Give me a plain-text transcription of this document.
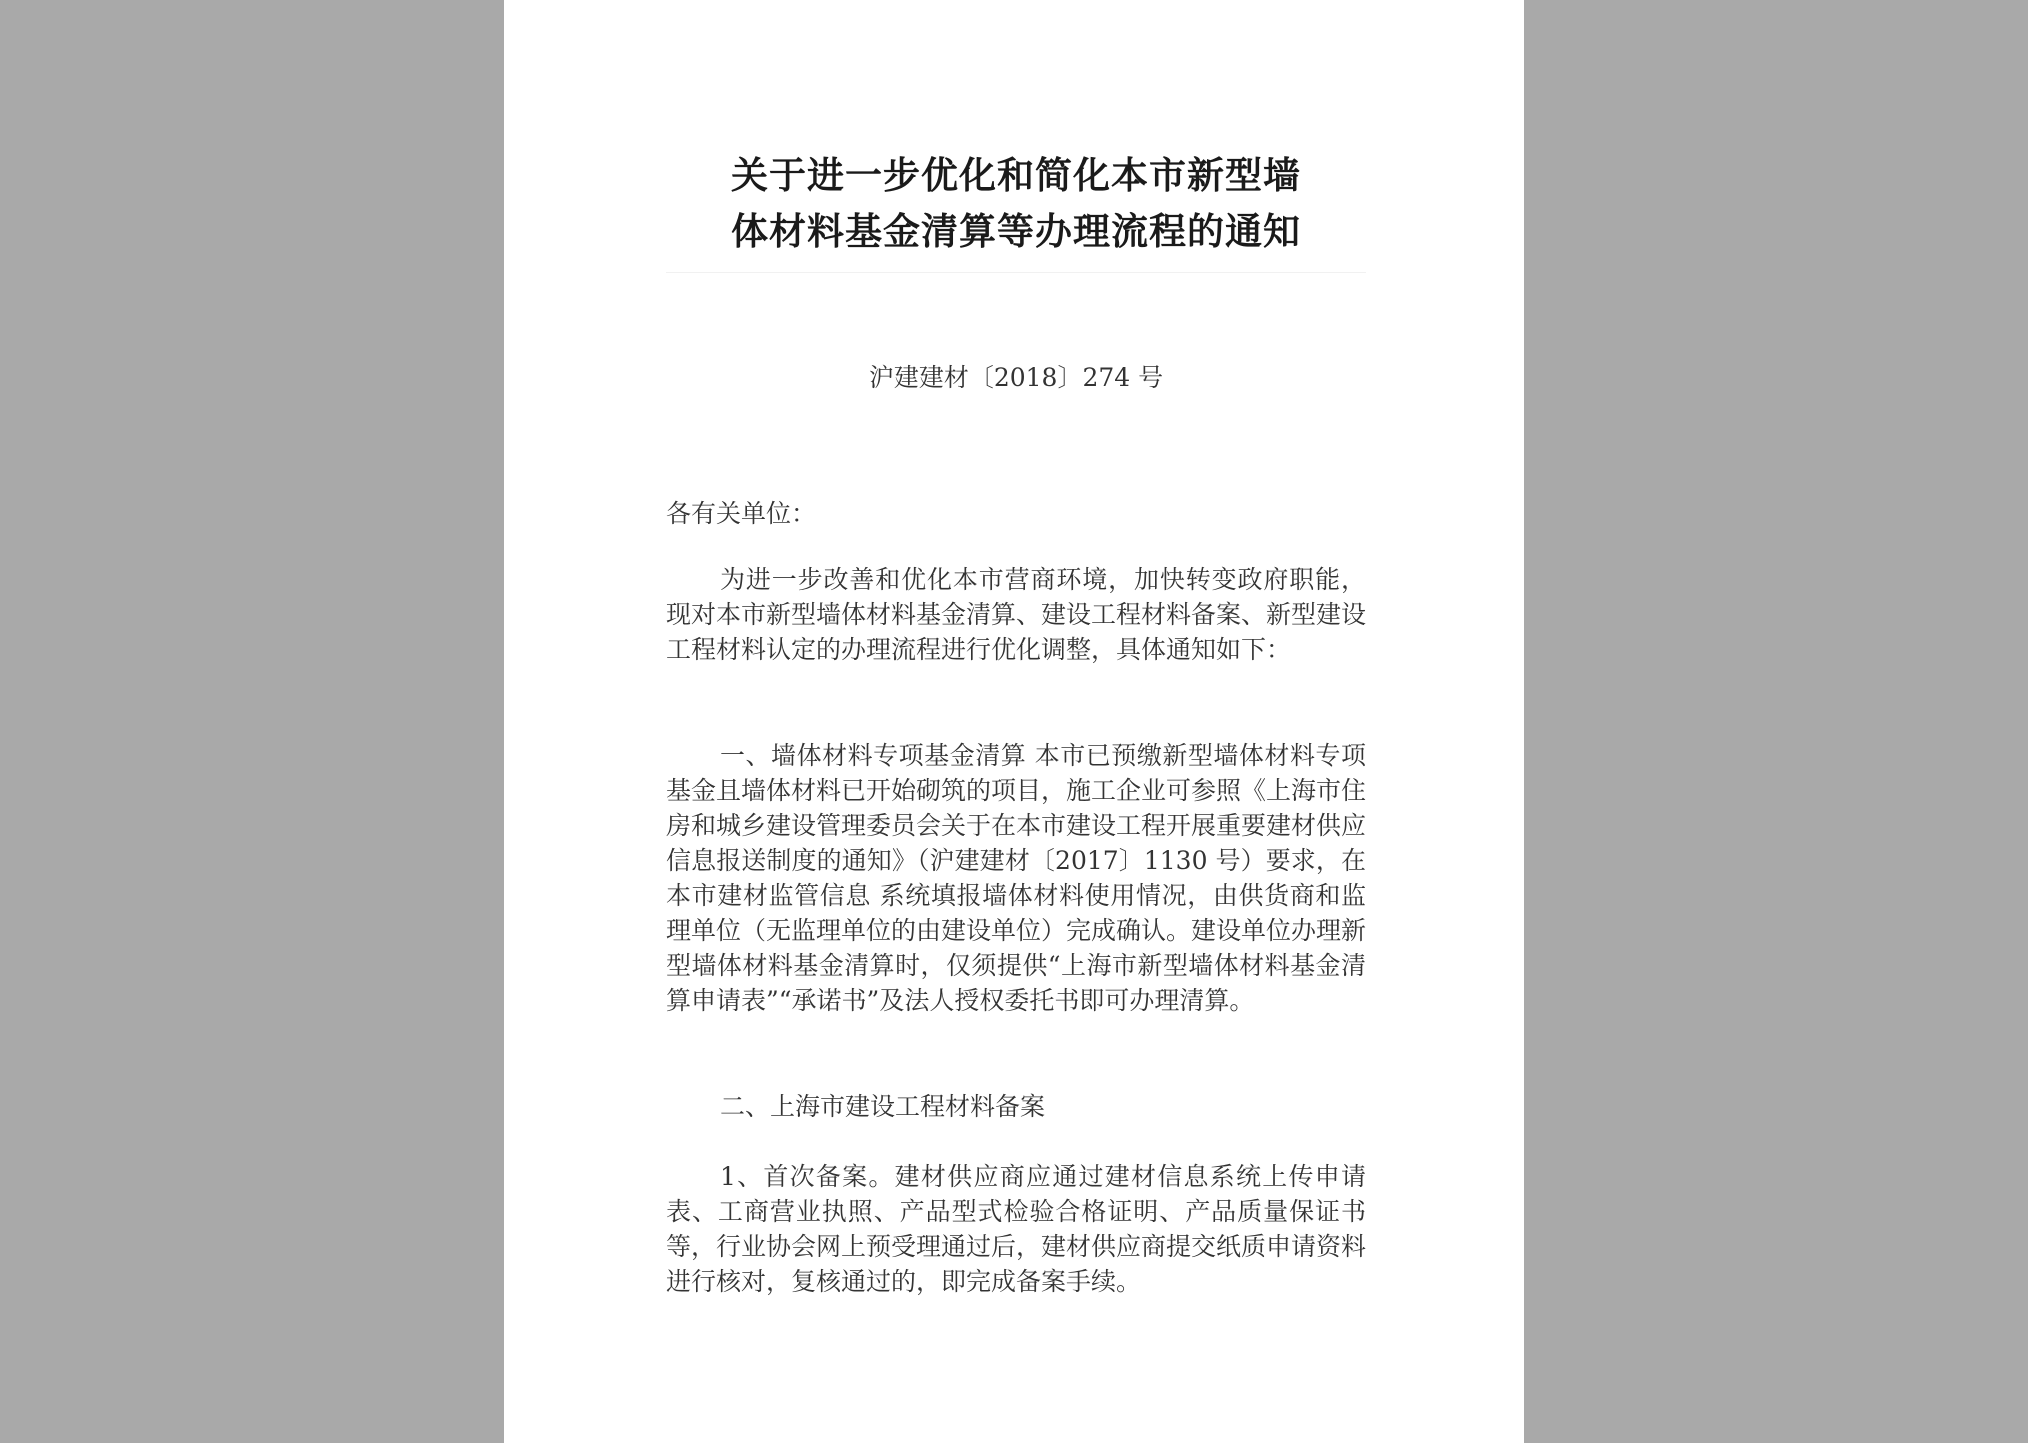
关于进一步优化和简化本市新型墙
体材料基金清算等办理流程的通知
沪建建材〔2018〕274 号
各有关单位：

为进一步改善和优化本市营商环境，加快转变政府职能， 现对本市新型墙体材料基金清算、建设工程材料备案、新型建设工程材料认定的办理流程进行优化调整，具体通知如下：

一、墙体材料专项基金清算 本市已预缴新型墙体材料专项基金且墙体材料已开始砌筑的项目，施工企业可参照《上海市住房和城乡建设管理委员会关于在本市建设工程开展重要建材供应信息报送制度的通知》（沪建建材〔2017〕1130 号）要求，在本市建材监管信息 系统填报墙体材料使用情况，由供货商和监理单位（无监理单位的由建设单位）完成确认。建设单位办理新型墙体材料基金清算时，仅须提供“上海市新型墙体材料基金清算申请表”“承诺书”及法人授权委托书即可办理清算。

二、上海市建设工程材料备案

1、首次备案。建材供应商应通过建材信息系统上传申请表、工商营业执照、产品型式检验合格证明、产品质量保证书等，行业协会网上预受理通过后，建材供应商提交纸质申请资料进行核对，复核通过的，即完成备案手续。
